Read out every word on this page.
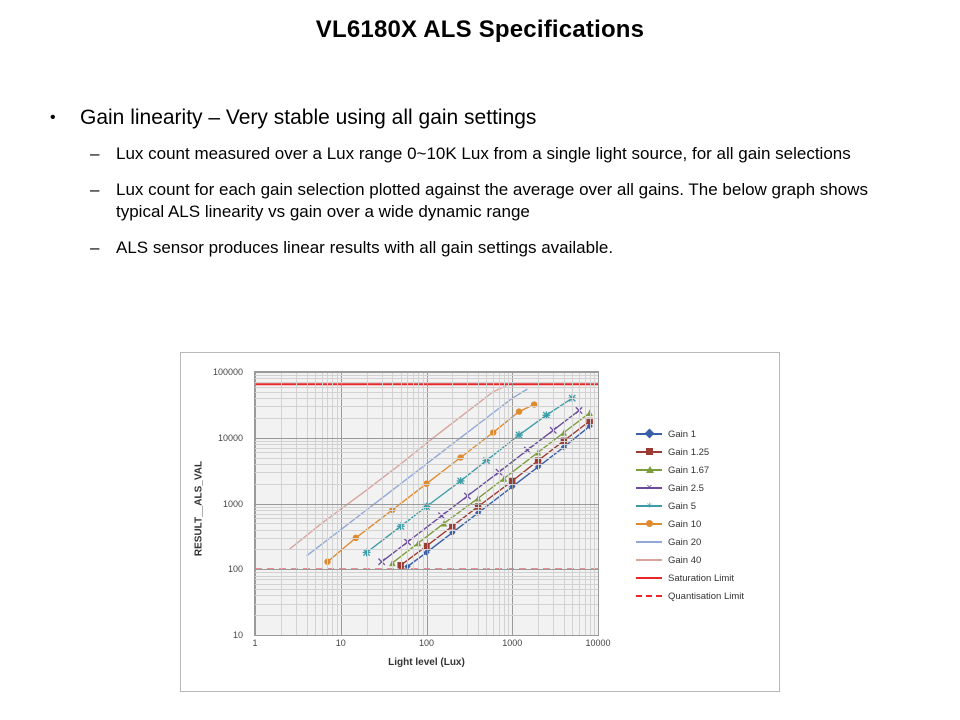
VL6180X ALS Specifications
•	Gain linearity – Very stable using all gain settings
– Lux count measured over a Lux range 0~10K Lux from a single light source, for all gain selections
– Lux count for each gain selection plotted against the average over all gains. The below graph shows typical ALS linearity vs gain over a wide dynamic range
– ALS sensor produces linear results with all gain settings available.
10
100
1000
10000
100000
1	10	100	1000	10000
Light level (Lux)
RESULT__ALS_VAL
Gain 1
Gain 1.25
Gain 1.67
✕ Gain 2.5
✳ Gain 5
Gain 10
Gain 20
Gain 40
Saturation Limit
Quantisation Limit
